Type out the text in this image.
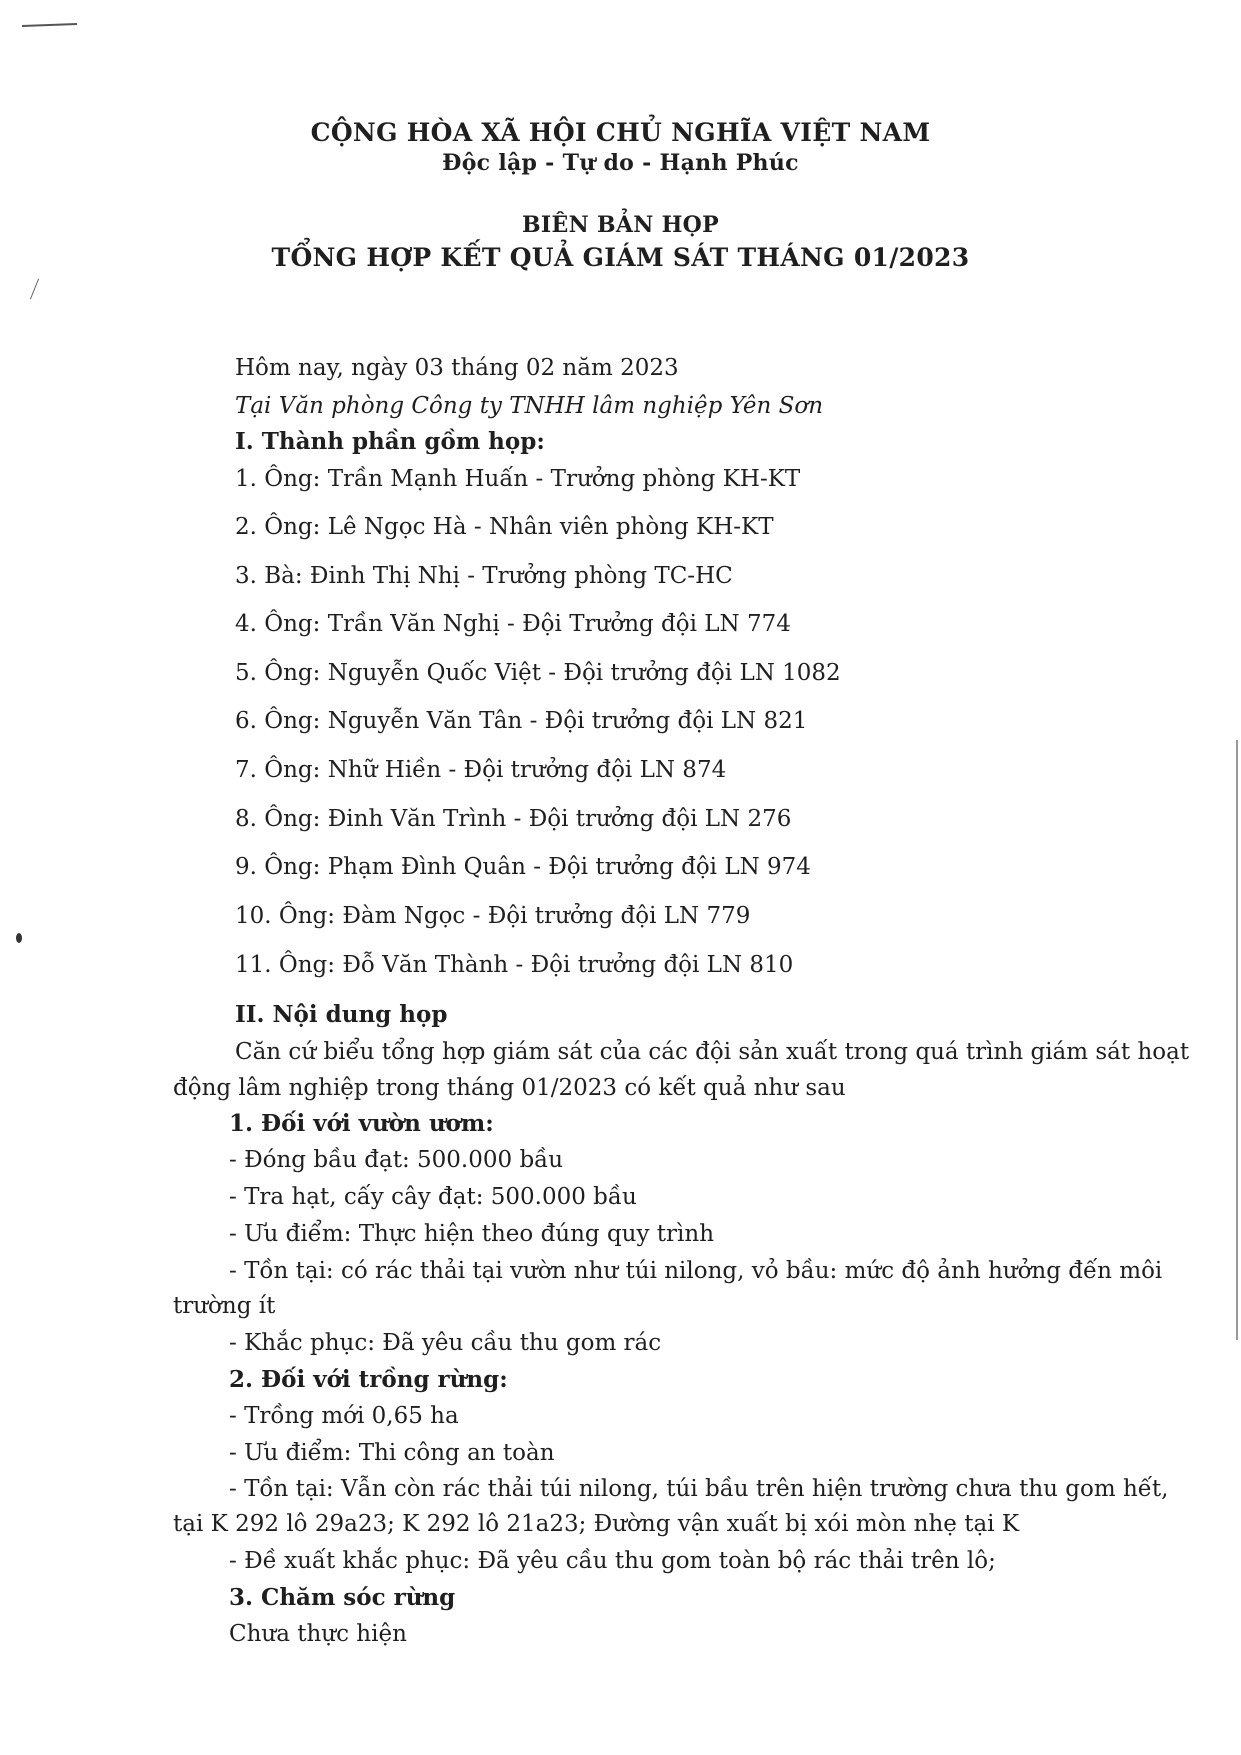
CỘNG HÒA XÃ HỘI CHỦ NGHĨA VIỆT NAM
Độc lập - Tự do - Hạnh Phúc
BIÊN BẢN HỌP
TỔNG HỢP KẾT QUẢ GIÁM SÁT THÁNG 01/2023
Hôm nay, ngày 03 tháng 02 năm 2023
Tại Văn phòng Công ty TNHH lâm nghiệp Yên Sơn
I. Thành phần gồm họp:
1. Ông: Trần Mạnh Huấn - Trưởng phòng KH-KT
2. Ông: Lê Ngọc Hà - Nhân viên phòng KH-KT
3. Bà: Đinh Thị Nhị - Trưởng phòng TC-HC
4. Ông: Trần Văn Nghị - Đội Trưởng đội LN 774
5. Ông: Nguyễn Quốc Việt - Đội trưởng đội LN 1082
6. Ông: Nguyễn Văn Tân - Đội trưởng đội LN 821
7. Ông: Nhữ Hiền - Đội trưởng đội LN 874
8. Ông: Đinh Văn Trình - Đội trưởng đội LN 276
9. Ông: Phạm Đình Quân - Đội trưởng đội LN 974
10. Ông: Đàm Ngọc - Đội trưởng đội LN 779
11. Ông: Đỗ Văn Thành - Đội trưởng đội LN 810
II. Nội dung họp
Căn cứ biểu tổng hợp giám sát của các đội sản xuất trong quá trình giám sát hoạt
động lâm nghiệp trong tháng 01/2023 có kết quả như sau
1. Đối với vườn ươm:
- Đóng bầu đạt: 500.000 bầu
- Tra hạt, cấy cây đạt: 500.000 bầu
- Ưu điểm: Thực hiện theo đúng quy trình
- Tồn tại: có rác thải tại vườn như túi nilong, vỏ bầu: mức độ ảnh hưởng đến môi
trường ít
- Khắc phục: Đã yêu cầu thu gom rác
2. Đối với trồng rừng:
- Trồng mới 0,65 ha
- Ưu điểm: Thi công an toàn
- Tồn tại: Vẫn còn rác thải túi nilong, túi bầu trên hiện trường chưa thu gom hết,
tại K 292 lô 29a23; K 292 lô 21a23; Đường vận xuất bị xói mòn nhẹ tại K
- Đề xuất khắc phục: Đã yêu cầu thu gom toàn bộ rác thải trên lô;
3. Chăm sóc rừng
Chưa thực hiện
